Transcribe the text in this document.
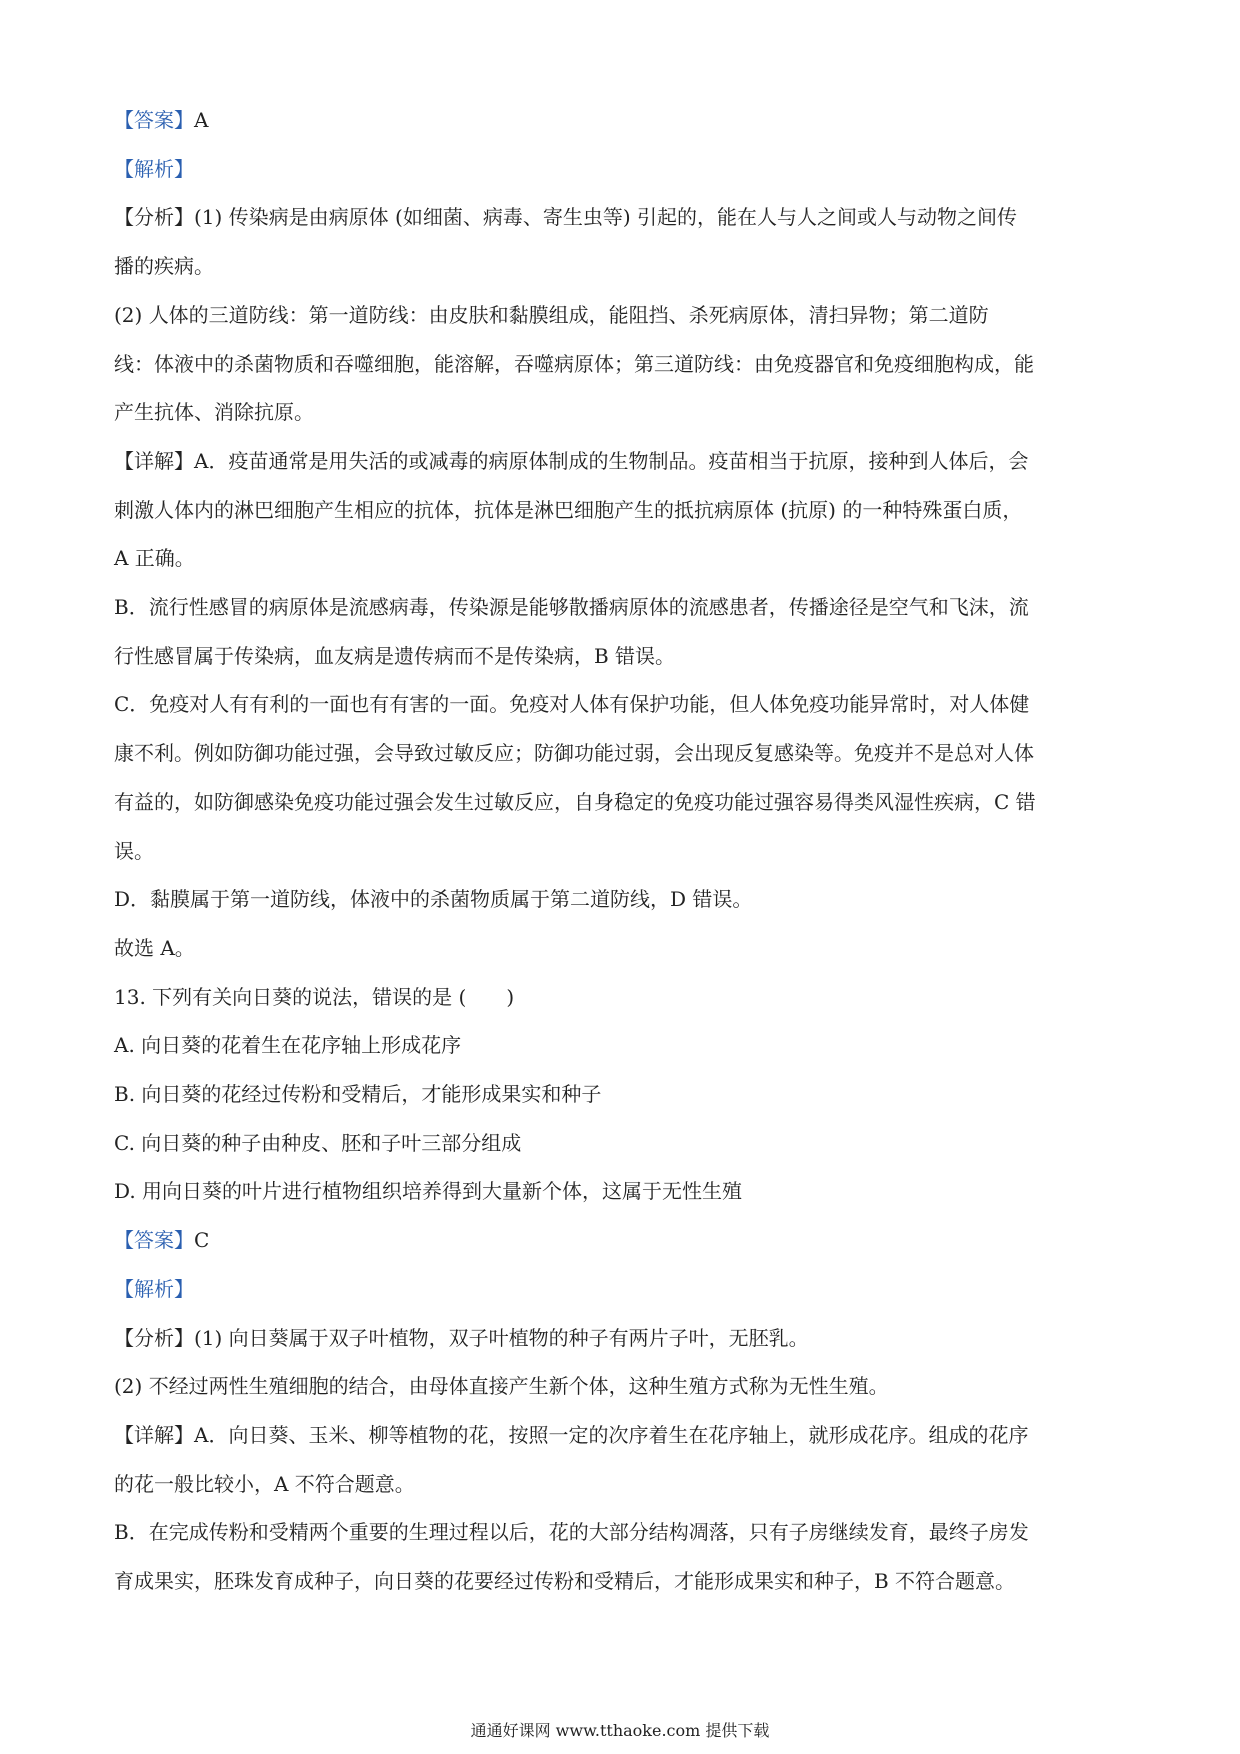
【答案】A

【解析】

【分析】(1) 传染病是由病原体 (如细菌、病毒、寄生虫等) 引起的，能在人与人之间或人与动物之间传

播的疾病。

(2) 人体的三道防线：第一道防线：由皮肤和黏膜组成，能阻挡、杀死病原体，清扫异物；第二道防

线：体液中的杀菌物质和吞噬细胞，能溶解，吞噬病原体；第三道防线：由免疫器官和免疫细胞构成，能

产生抗体、消除抗原。

【详解】A．疫苗通常是用失活的或减毒的病原体制成的生物制品。疫苗相当于抗原，接种到人体后，会

刺激人体内的淋巴细胞产生相应的抗体，抗体是淋巴细胞产生的抵抗病原体 (抗原) 的一种特殊蛋白质，

A 正确。

B．流行性感冒的病原体是流感病毒，传染源是能够散播病原体的流感患者，传播途径是空气和飞沫，流

行性感冒属于传染病，血友病是遗传病而不是传染病，B 错误。

C．免疫对人有有利的一面也有有害的一面。免疫对人体有保护功能，但人体免疫功能异常时，对人体健

康不利。例如防御功能过强，会导致过敏反应；防御功能过弱，会出现反复感染等。免疫并不是总对人体

有益的，如防御感染免疫功能过强会发生过敏反应，自身稳定的免疫功能过强容易得类风湿性疾病，C 错

误。

D．黏膜属于第一道防线，体液中的杀菌物质属于第二道防线，D 错误。

故选 A。

13. 下列有关向日葵的说法，错误的是 (　　)

A. 向日葵的花着生在花序轴上形成花序

B. 向日葵的花经过传粉和受精后，才能形成果实和种子

C. 向日葵的种子由种皮、胚和子叶三部分组成

D. 用向日葵的叶片进行植物组织培养得到大量新个体，这属于无性生殖

【答案】C

【解析】

【分析】(1) 向日葵属于双子叶植物，双子叶植物的种子有两片子叶，无胚乳。

(2) 不经过两性生殖细胞的结合，由母体直接产生新个体，这种生殖方式称为无性生殖。

【详解】A．向日葵、玉米、柳等植物的花，按照一定的次序着生在花序轴上，就形成花序。组成的花序

的花一般比较小，A 不符合题意。

B．在完成传粉和受精两个重要的生理过程以后，花的大部分结构凋落，只有子房继续发育，最终子房发

育成果实，胚珠发育成种子，向日葵的花要经过传粉和受精后，才能形成果实和种子，B 不符合题意。

通通好课网 www.tthaoke.com 提供下载
